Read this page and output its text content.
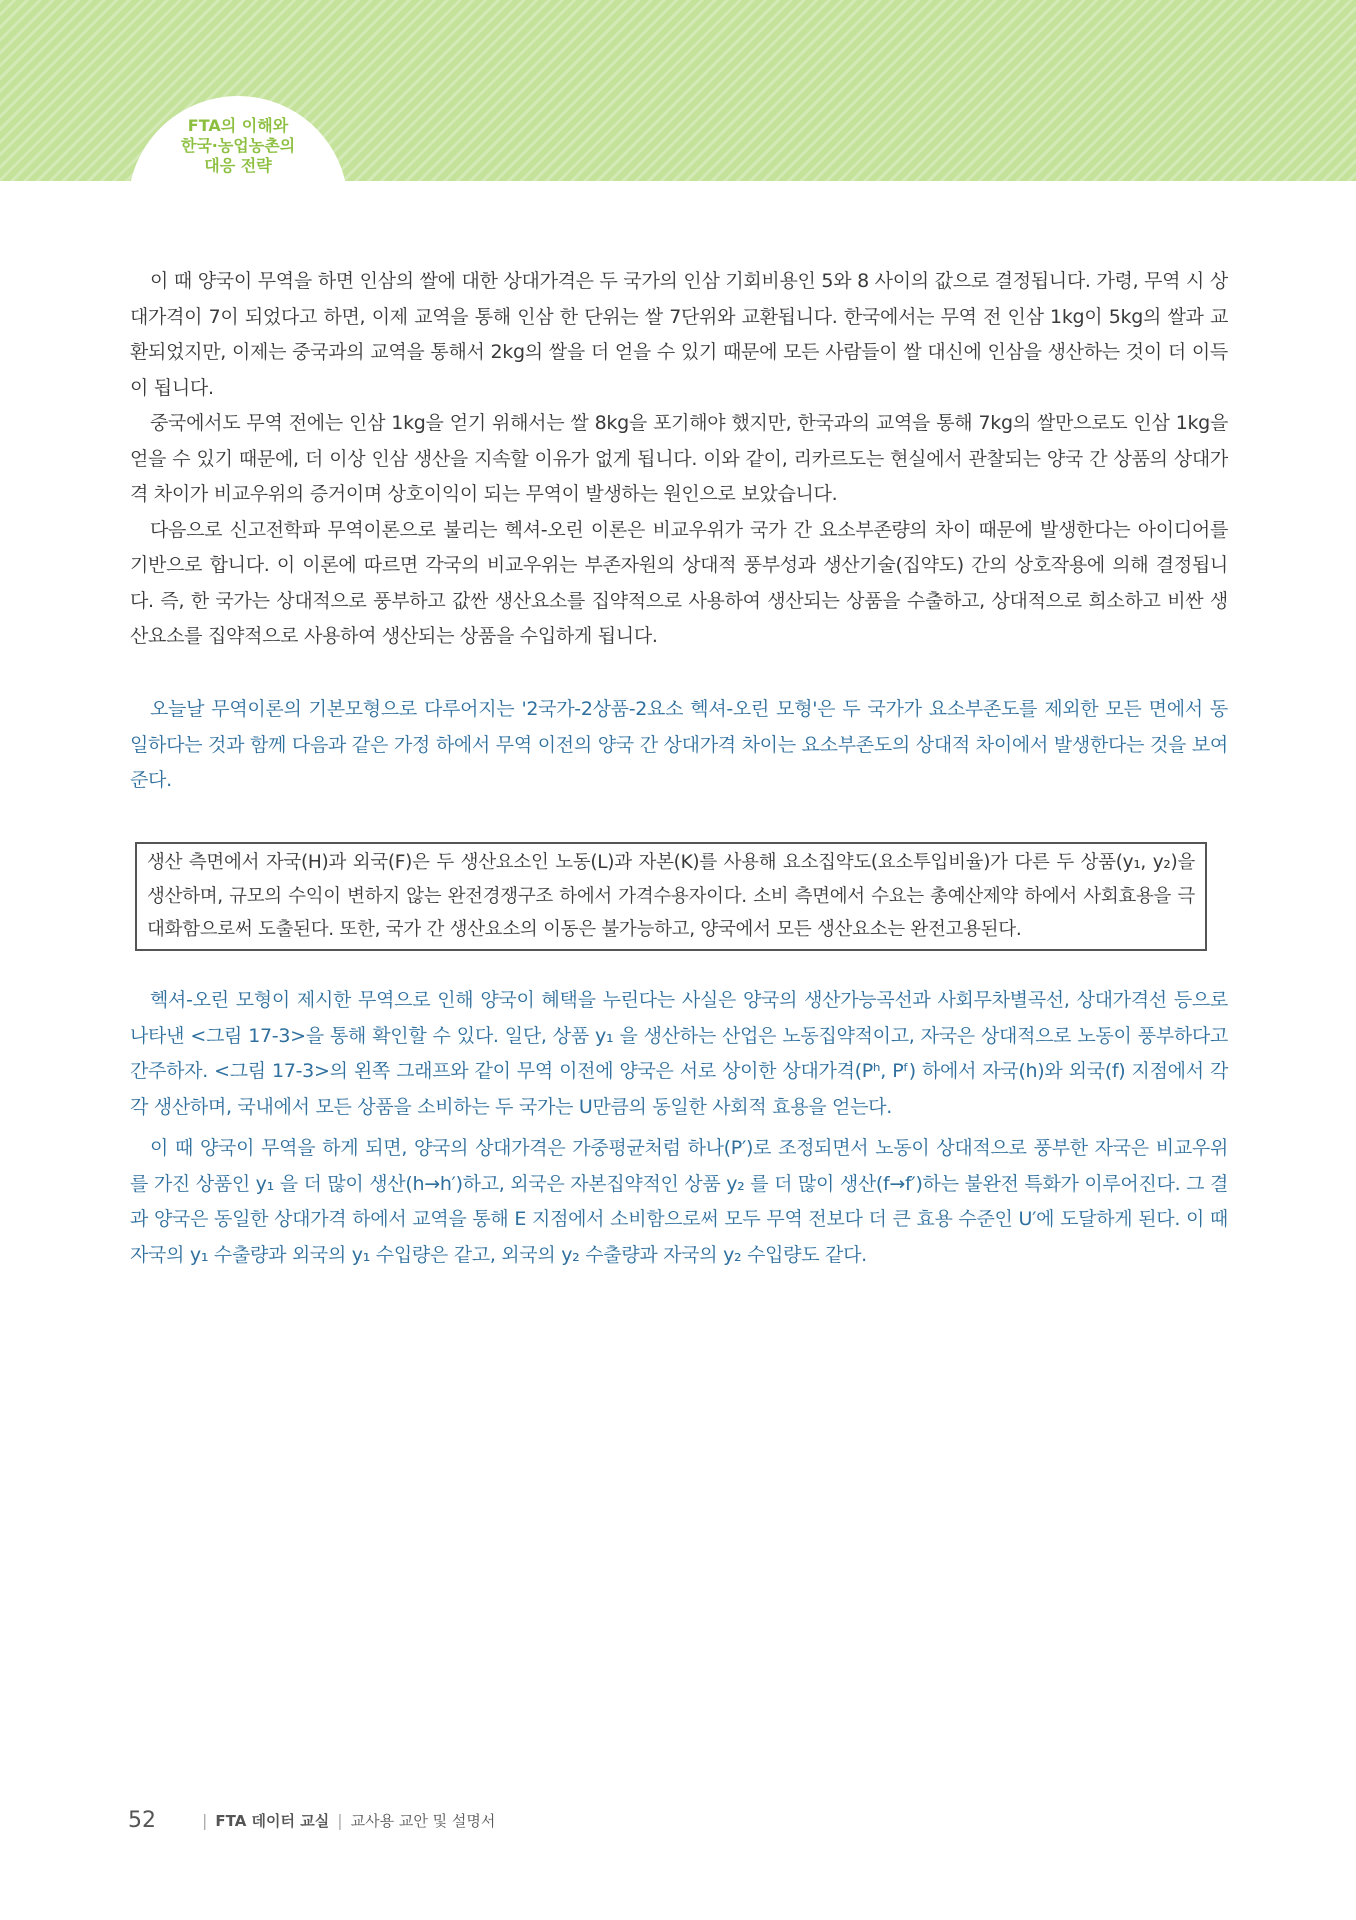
FTA의 이해와
한국·농업농촌의
대응 전략

이 때 양국이 무역을 하면 인삼의 쌀에 대한 상대가격은 두 국가의 인삼 기회비용인 5와 8 사이의 값으로 결정됩니다. 가령, 무역 시 상대가격이 7이 되었다고 하면, 이제 교역을 통해 인삼 한 단위는 쌀 7단위와 교환됩니다. 한국에서는 무역 전 인삼 1kg이 5kg의 쌀과 교환되었지만, 이제는 중국과의 교역을 통해서 2kg의 쌀을 더 얻을 수 있기 때문에 모든 사람들이 쌀 대신에 인삼을 생산하는 것이 더 이득이 됩니다.

중국에서도 무역 전에는 인삼 1kg을 얻기 위해서는 쌀 8kg을 포기해야 했지만, 한국과의 교역을 통해 7kg의 쌀만으로도 인삼 1kg을 얻을 수 있기 때문에, 더 이상 인삼 생산을 지속할 이유가 없게 됩니다. 이와 같이, 리카르도는 현실에서 관찰되는 양국 간 상품의 상대가격 차이가 비교우위의 증거이며 상호이익이 되는 무역이 발생하는 원인으로 보았습니다.

다음으로 신고전학파 무역이론으로 불리는 헥셔-오린 이론은 비교우위가 국가 간 요소부존량의 차이 때문에 발생한다는 아이디어를 기반으로 합니다. 이 이론에 따르면 각국의 비교우위는 부존자원의 상대적 풍부성과 생산기술(집약도) 간의 상호작용에 의해 결정됩니다. 즉, 한 국가는 상대적으로 풍부하고 값싼 생산요소를 집약적으로 사용하여 생산되는 상품을 수출하고, 상대적으로 희소하고 비싼 생산요소를 집약적으로 사용하여 생산되는 상품을 수입하게 됩니다.

오늘날 무역이론의 기본모형으로 다루어지는 '2국가-2상품-2요소 헥셔-오린 모형'은 두 국가가 요소부존도를 제외한 모든 면에서 동일하다는 것과 함께 다음과 같은 가정 하에서 무역 이전의 양국 간 상대가격 차이는 요소부존도의 상대적 차이에서 발생한다는 것을 보여준다.

생산 측면에서 자국(H)과 외국(F)은 두 생산요소인 노동(L)과 자본(K)를 사용해 요소집약도(요소투입비율)가 다른 두 상품(y₁, y₂)을 생산하며, 규모의 수익이 변하지 않는 완전경쟁구조 하에서 가격수용자이다. 소비 측면에서 수요는 총예산제약 하에서 사회효용을 극대화함으로써 도출된다. 또한, 국가 간 생산요소의 이동은 불가능하고, 양국에서 모든 생산요소는 완전고용된다.

헥셔-오린 모형이 제시한 무역으로 인해 양국이 혜택을 누린다는 사실은 양국의 생산가능곡선과 사회무차별곡선, 상대가격선 등으로 나타낸 <그림 17-3>을 통해 확인할 수 있다. 일단, 상품 y₁ 을 생산하는 산업은 노동집약적이고, 자국은 상대적으로 노동이 풍부하다고 간주하자. <그림 17-3>의 왼쪽 그래프와 같이 무역 이전에 양국은 서로 상이한 상대가격(Pʰ, Pᶠ) 하에서 자국(h)와 외국(f) 지점에서 각각 생산하며, 국내에서 모든 상품을 소비하는 두 국가는 U만큼의 동일한 사회적 효용을 얻는다.

이 때 양국이 무역을 하게 되면, 양국의 상대가격은 가중평균처럼 하나(P′)로 조정되면서 노동이 상대적으로 풍부한 자국은 비교우위를 가진 상품인 y₁ 을 더 많이 생산(h→h′)하고, 외국은 자본집약적인 상품 y₂ 를 더 많이 생산(f→f′)하는 불완전 특화가 이루어진다. 그 결과 양국은 동일한 상대가격 하에서 교역을 통해 E 지점에서 소비함으로써 모두 무역 전보다 더 큰 효용 수준인 U′에 도달하게 된다. 이 때 자국의 y₁ 수출량과 외국의 y₁ 수입량은 같고, 외국의 y₂ 수출량과 자국의 y₂ 수입량도 같다.

52	| FTA 데이터 교실 | 교사용 교안 및 설명서
